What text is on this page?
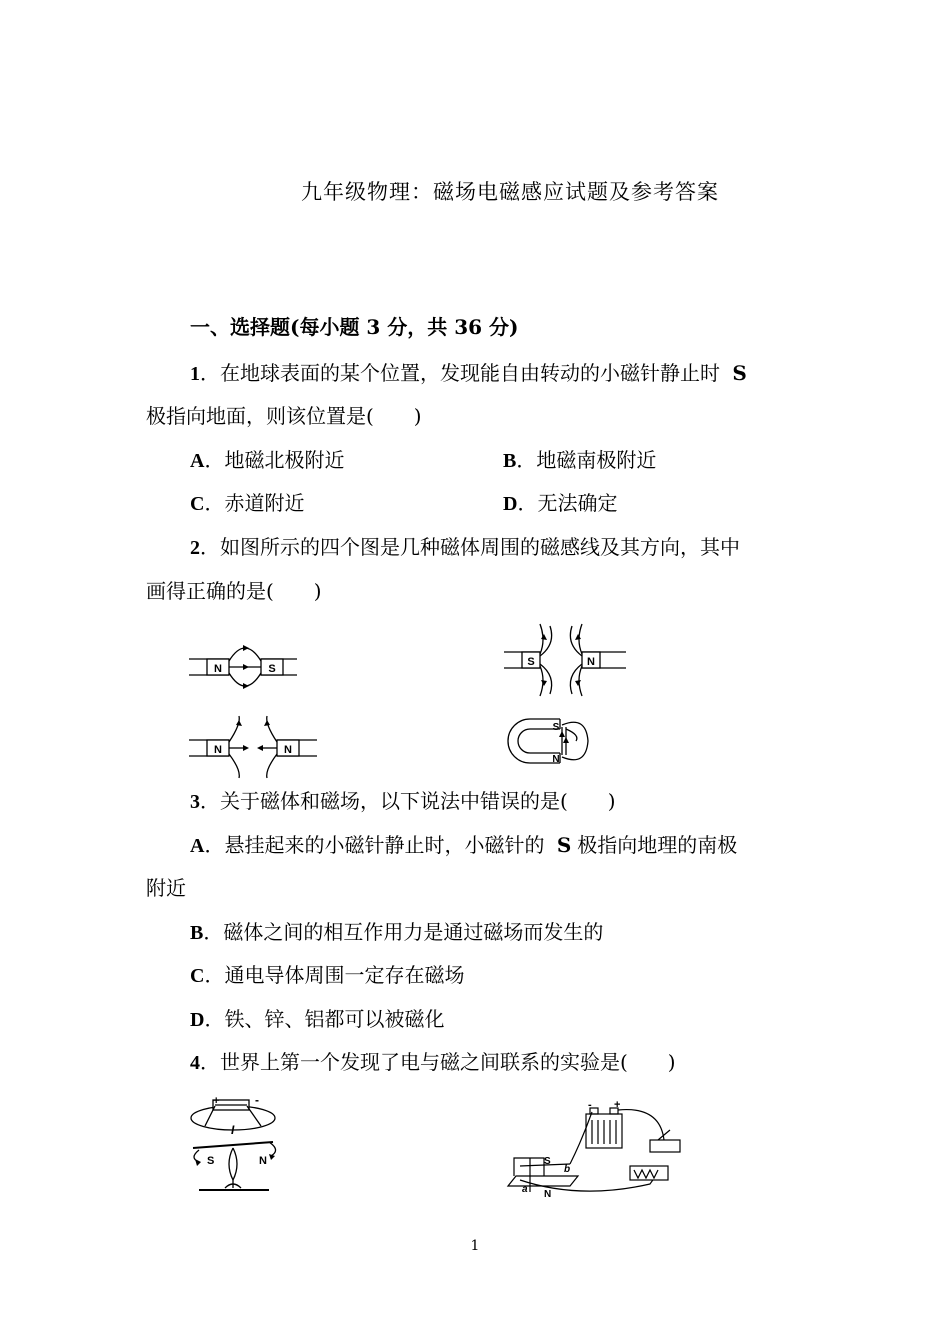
九年级物理：磁场电磁感应试题及参考答案
一、选择题(每小题 3 分，共 36 分)
1．在地球表面的某个位置，发现能自由转动的小磁针静止时 S
极指向地面，则该位置是(　　)
A．地磁北极附近	B．地磁南极附近
C．赤道附近	D．无法确定
2．如图所示的四个图是几种磁体周围的磁感线及其方向，其中
画得正确的是(　　)
N	S
S	N
N	N
S
N
3．关于磁体和磁场，以下说法中错误的是(　　)
A．悬挂起来的小磁针静止时，小磁针的 S 极指向地理的南极
附近
B．磁体之间的相互作用力是通过磁场而发生的
C．通电导体周围一定存在磁场
D．铁、锌、铝都可以被磁化
4．世界上第一个发现了电与磁之间联系的实验是(　　)
+	-
I
S	N
- +
S
N
a
b
1
